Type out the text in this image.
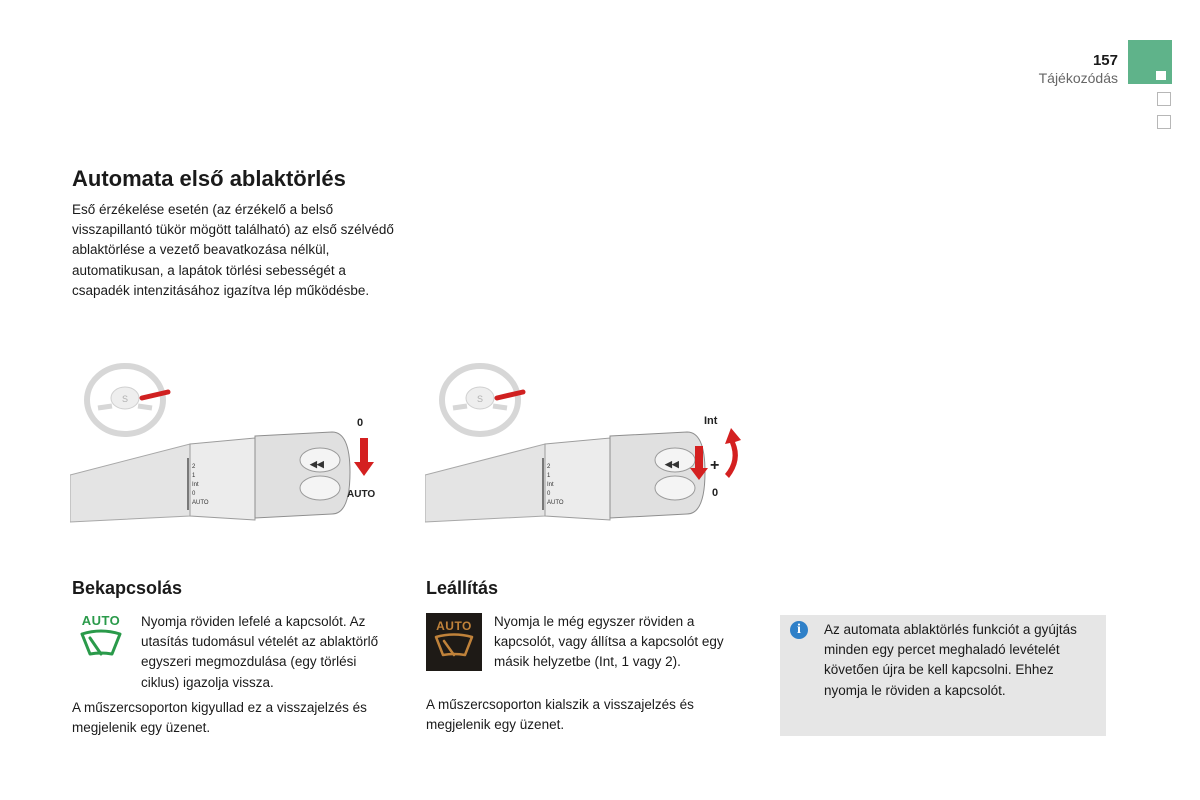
157
Tájékozódás
Automata első ablaktörlés
Eső érzékelése esetén (az érzékelő a belső visszapillantó tükör mögött található) az első szélvédő ablaktörlése a vezető beavatkozása nélkül, automatikusan, a lapátok törlési sebességét a csapadék intenzitásához igazítva lép működésbe.
S
2
1
Int
0
AUTO
◀◀
0
AUTO
S
2
1
Int
0
AUTO
◀◀
Int
+
0
Bekapcsolás
AUTO	Nyomja röviden lefelé a kapcsolót. Az utasítás tudomásul vételét az ablaktörlő egyszeri megmozdulása (egy törlési ciklus) igazolja vissza.
A műszercsoporton kigyullad ez a visszajelzés és megjelenik egy üzenet.
Leállítás
AUTO	Nyomja le még egyszer röviden a kapcsolót, vagy állítsa a kapcsolót egy másik helyzetbe (Int, 1 vagy 2).
A műszercsoporton kialszik a visszajelzés és megjelenik egy üzenet.
i	Az automata ablaktörlés funkciót a gyújtás minden egy percet meghaladó levételét követően újra be kell kapcsolni. Ehhez nyomja le röviden a kapcsolót.
